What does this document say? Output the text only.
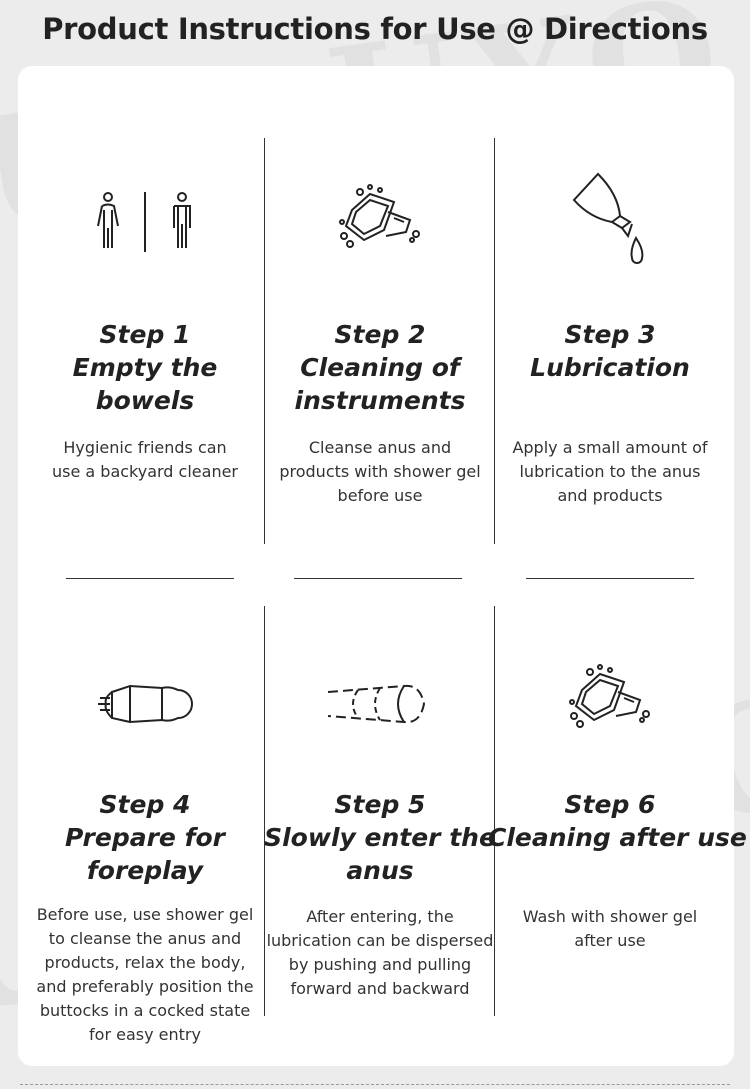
Product Instructions for Use @ Directions
Step 1
Empty the bowels
Hygienic friends can use a backyard cleaner
Step 2
Cleaning of instruments
Cleanse anus and products with shower gel before use
Step 3
Lubrication
Apply a small amount of lubrication to the anus and products
Step 4
Prepare for foreplay
Before use, use shower gel to cleanse the anus and products, relax the body, and preferably position the buttocks in a cocked state for easy entry
Step 5
Slowly enter the anus
After entering, the lubrication can be dispersed by pushing and pulling forward and backward
Step 6
Cleaning after use
Wash with shower gel after use
